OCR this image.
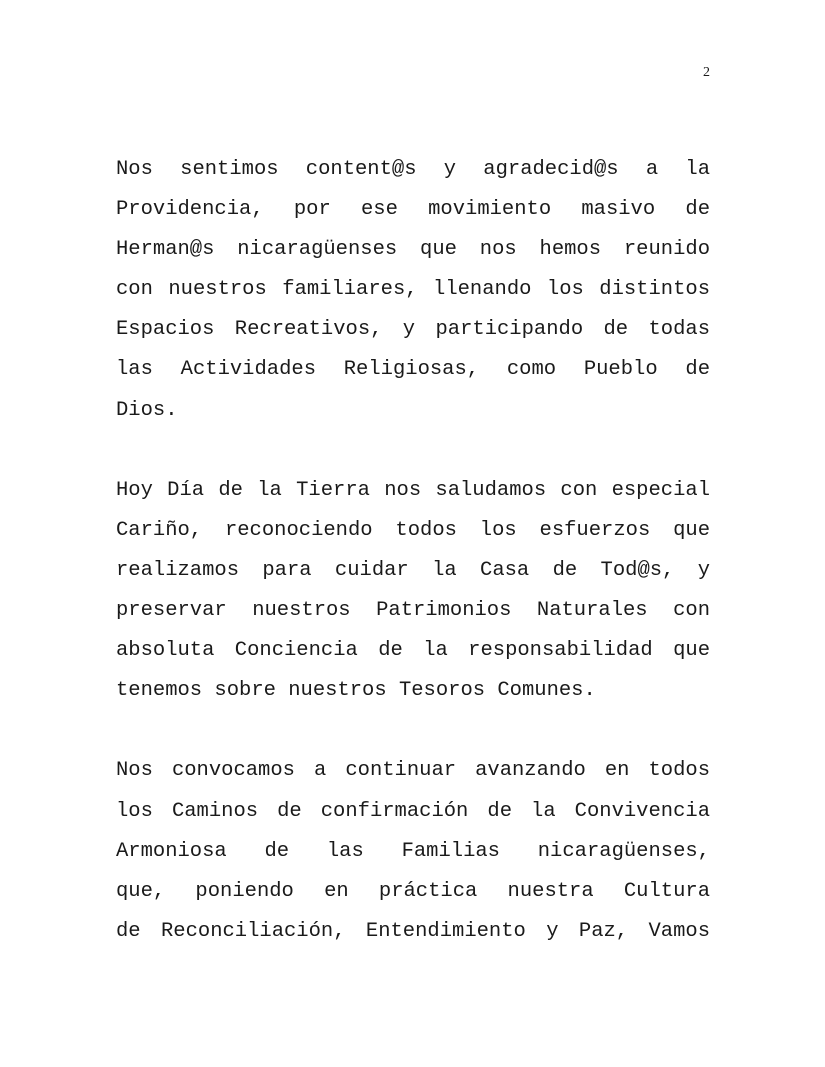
2
Nos sentimos content@s y agradecid@s a la
Providencia, por ese movimiento masivo de
Herman@s nicaragüenses que nos hemos reunido
con nuestros familiares, llenando los distintos
Espacios Recreativos, y participando de todas
las Actividades Religiosas, como Pueblo de
Dios.
Hoy Día de la Tierra nos saludamos con especial
Cariño, reconociendo todos los esfuerzos que
realizamos para cuidar la Casa de Tod@s, y
preservar nuestros Patrimonios Naturales con
absoluta Conciencia de la responsabilidad que
tenemos sobre nuestros Tesoros Comunes.
Nos convocamos a continuar avanzando en todos
los Caminos de confirmación de la Convivencia
Armoniosa de las Familias nicaragüenses,
que, poniendo en práctica nuestra Cultura
de Reconciliación, Entendimiento y Paz, Vamos
